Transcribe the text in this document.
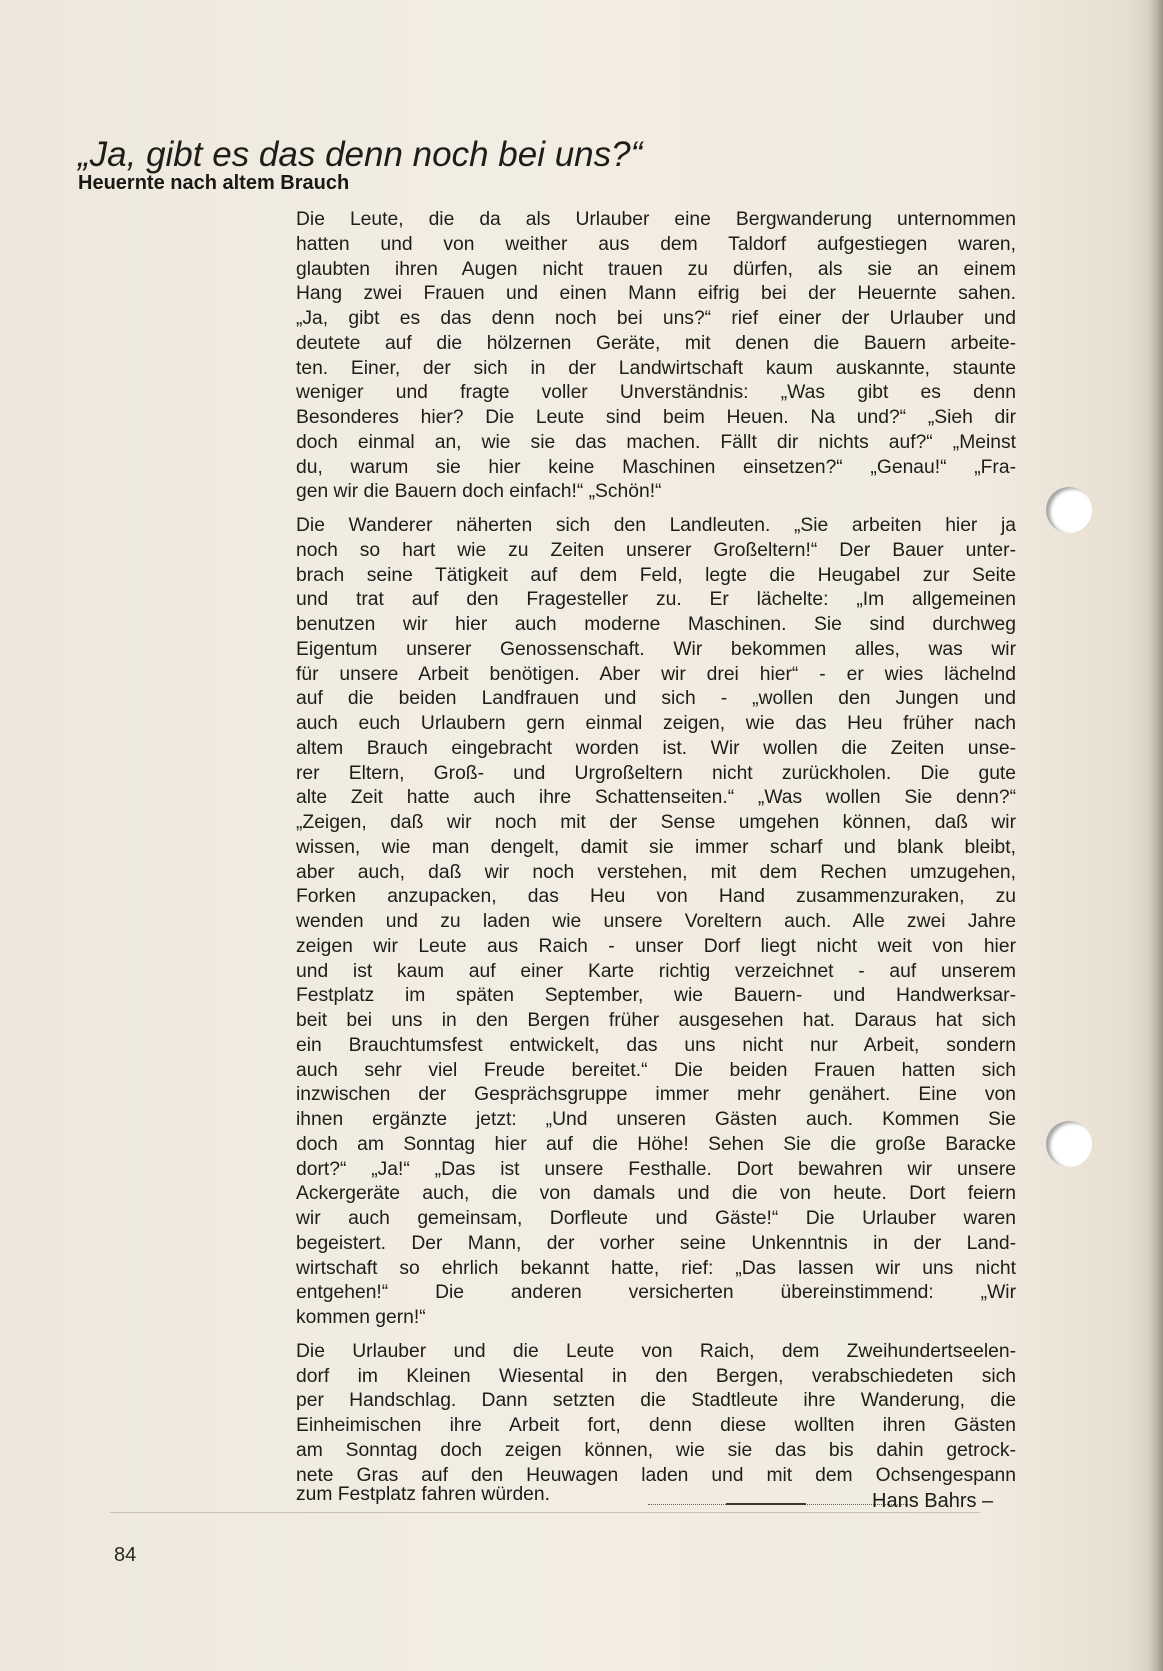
„Ja, gibt es das denn noch bei uns?“
Heuernte nach altem Brauch

Die Leute, die da als Urlauber eine Bergwanderung unternommen
hatten und von weither aus dem Taldorf aufgestiegen waren,
glaubten ihren Augen nicht trauen zu dürfen, als sie an einem
Hang zwei Frauen und einen Mann eifrig bei der Heuernte sahen.
„Ja, gibt es das denn noch bei uns?“ rief einer der Urlauber und
deutete auf die hölzernen Geräte, mit denen die Bauern arbeite-
ten. Einer, der sich in der Landwirtschaft kaum auskannte, staunte
weniger und fragte voller Unverständnis: „Was gibt es denn
Besonderes hier? Die Leute sind beim Heuen. Na und?“ „Sieh dir
doch einmal an, wie sie das machen. Fällt dir nichts auf?“ „Meinst
du, warum sie hier keine Maschinen einsetzen?“ „Genau!“ „Fra-
gen wir die Bauern doch einfach!“ „Schön!“

Die Wanderer näherten sich den Landleuten. „Sie arbeiten hier ja
noch so hart wie zu Zeiten unserer Großeltern!“ Der Bauer unter-
brach seine Tätigkeit auf dem Feld, legte die Heugabel zur Seite
und trat auf den Fragesteller zu. Er lächelte: „Im allgemeinen
benutzen wir hier auch moderne Maschinen. Sie sind durchweg
Eigentum unserer Genossenschaft. Wir bekommen alles, was wir
für unsere Arbeit benötigen. Aber wir drei hier“ - er wies lächelnd
auf die beiden Landfrauen und sich - „wollen den Jungen und
auch euch Urlaubern gern einmal zeigen, wie das Heu früher nach
altem Brauch eingebracht worden ist. Wir wollen die Zeiten unse-
rer Eltern, Groß- und Urgroßeltern nicht zurückholen. Die gute
alte Zeit hatte auch ihre Schattenseiten.“ „Was wollen Sie denn?“
„Zeigen, daß wir noch mit der Sense umgehen können, daß wir
wissen, wie man dengelt, damit sie immer scharf und blank bleibt,
aber auch, daß wir noch verstehen, mit dem Rechen umzugehen,
Forken anzupacken, das Heu von Hand zusammenzuraken, zu
wenden und zu laden wie unsere Voreltern auch. Alle zwei Jahre
zeigen wir Leute aus Raich - unser Dorf liegt nicht weit von hier
und ist kaum auf einer Karte richtig verzeichnet - auf unserem
Festplatz im späten September, wie Bauern- und Handwerksar-
beit bei uns in den Bergen früher ausgesehen hat. Daraus hat sich
ein Brauchtumsfest entwickelt, das uns nicht nur Arbeit, sondern
auch sehr viel Freude bereitet.“ Die beiden Frauen hatten sich
inzwischen der Gesprächsgruppe immer mehr genähert. Eine von
ihnen ergänzte jetzt: „Und unseren Gästen auch. Kommen Sie
doch am Sonntag hier auf die Höhe! Sehen Sie die große Baracke
dort?“ „Ja!“ „Das ist unsere Festhalle. Dort bewahren wir unsere
Ackergeräte auch, die von damals und die von heute. Dort feiern
wir auch gemeinsam, Dorfleute und Gäste!“ Die Urlauber waren
begeistert. Der Mann, der vorher seine Unkenntnis in der Land-
wirtschaft so ehrlich bekannt hatte, rief: „Das lassen wir uns nicht
entgehen!“ Die anderen versicherten übereinstimmend: „Wir
kommen gern!“

Die Urlauber und die Leute von Raich, dem Zweihundertseelen-
dorf im Kleinen Wiesental in den Bergen, verabschiedeten sich
per Handschlag. Dann setzten die Stadtleute ihre Wanderung, die
Einheimischen ihre Arbeit fort, denn diese wollten ihren Gästen
am Sonntag doch zeigen können, wie sie das bis dahin getrock-
nete Gras auf den Heuwagen laden und mit dem Ochsengespann

zum Festplatz fahren würden.	Hans Bahrs –
84
